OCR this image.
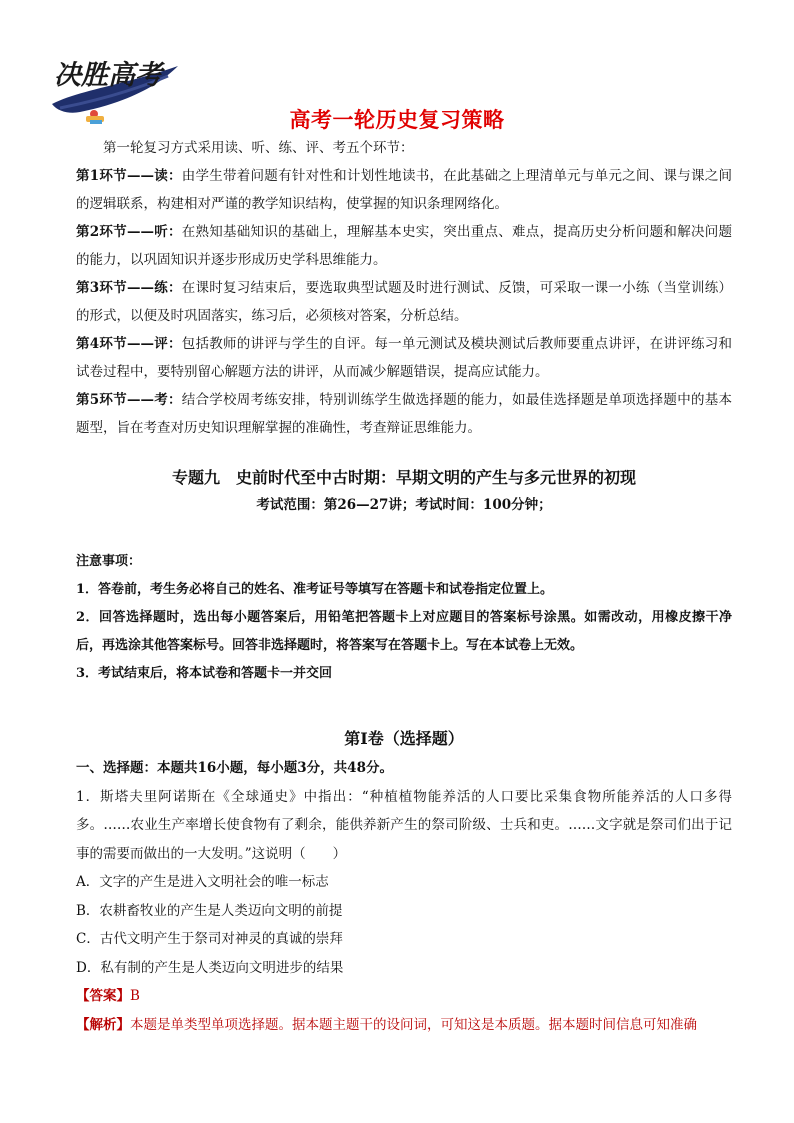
决胜高考
高考一轮历史复习策略

第一轮复习方式采用读、听、练、评、考五个环节：

第1环节——读：由学生带着问题有针对性和计划性地读书，在此基础之上理清单元与单元之间、课与课之间的逻辑联系，构建相对严谨的教学知识结构，使掌握的知识条理网络化。

第2环节——听：在熟知基础知识的基础上，理解基本史实，突出重点、难点，提高历史分析问题和解决问题的能力，以巩固知识并逐步形成历史学科思维能力。

第3环节——练：在课时复习结束后，要选取典型试题及时进行测试、反馈，可采取一课一小练（当堂训练）的形式，以便及时巩固落实，练习后，必须核对答案，分析总结。

第4环节——评：包括教师的讲评与学生的自评。每一单元测试及模块测试后教师要重点讲评，在讲评练习和试卷过程中，要特别留心解题方法的讲评，从而减少解题错误，提高应试能力。

第5环节——考：结合学校周考练安排，特别训练学生做选择题的能力，如最佳选择题是单项选择题中的基本题型，旨在考查对历史知识理解掌握的准确性，考查辩证思维能力。

专题九　史前时代至中古时期：早期文明的产生与多元世界的初现
考试范围：第26—27讲；考试时间：100分钟；

注意事项：

1．答卷前，考生务必将自己的姓名、准考证号等填写在答题卡和试卷指定位置上。

2．回答选择题时，选出每小题答案后，用铅笔把答题卡上对应题目的答案标号涂黑。如需改动，用橡皮擦干净后，再选涂其他答案标号。回答非选择题时，将答案写在答题卡上。写在本试卷上无效。

3．考试结束后，将本试卷和答题卡一并交回

第I卷（选择题）

一、选择题：本题共16小题，每小题3分，共48分。

1．斯塔夫里阿诺斯在《全球通史》中指出：“种植植物能养活的人口要比采集食物所能养活的人口多得多。……农业生产率增长使食物有了剩余，能供养新产生的祭司阶级、士兵和吏。……文字就是祭司们出于记事的需要而做出的一大发明。”这说明（　　）

A．文字的产生是进入文明社会的唯一标志

B．农耕畜牧业的产生是人类迈向文明的前提

C．古代文明产生于祭司对神灵的真诚的崇拜

D．私有制的产生是人类迈向文明进步的结果

【答案】B

【解析】本题是单类型单项选择题。据本题主题干的设问词，可知这是本质题。据本题时间信息可知准确
